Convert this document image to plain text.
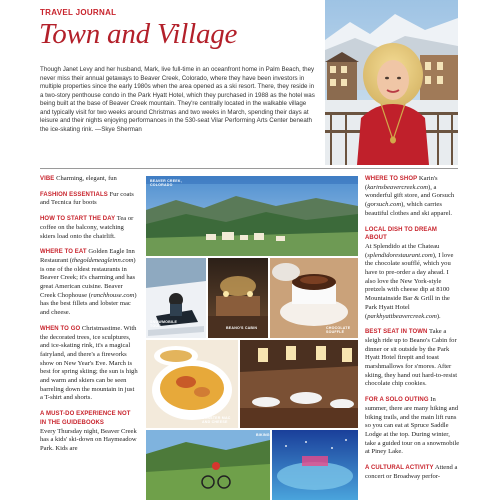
TRAVEL JOURNAL
Town and Village

Though Janet Levy and her husband, Mark, live full-time in an oceanfront home in Palm Beach, they never miss their annual getaways to Beaver Creek, Colorado, where they have been investors in multiple properties since the early 1980s when the area opened as a ski resort. There, they reside in a two-story penthouse condo in the Park Hyatt Hotel, which they purchased in 1988 as the hotel was being built at the base of Beaver Creek mountain. They're centrally located in the walkable village and typically visit for two weeks around Christmas and two weeks in March, spending their days at leisure and their nights enjoying performances in the 530-seat Vilar Performing Arts Center beneath the ice-skating rink. —Skye Sherman

PHOTO CREDITS

VIBE Charming, elegant, fun

FASHION ESSENTIALS Fur coats and Tecnica fur boots

HOW TO START THE DAY Tea or coffee on the balcony, watching skiers load onto the chairlift.

WHERE TO EAT Golden Eagle Inn Restaurant (thegoldeneagleinn.com) is one of the oldest restaurants in Beaver Creek; it's charming and has great American cuisine. Beaver Creek Chophouse (ranchhouse.com) has the best fillets and lobster mac and cheese.

WHEN TO GO Christmastime. With the decorated trees, ice sculptures, and ice-skating rink, it's a magical fairyland, and there's a fireworks show on New Year's Eve. March is best for spring skiing; the sun is high and warm and skiers can be seen barreling down the mountain in just a T-shirt and shorts.

A MUST-DO EXPERIENCE NOT IN THE GUIDEBOOKS
Every Thursday night, Beaver Creek has a kids' ski-down on Haymeadow Park. Kids are

BEAVER CREEK,
COLORADO
SNOWMOBILE
TOUR	BEANO'S CABIN	CHOCOLATE
SOUFFLÉ
LOBSTER MAC
AND CHEESE
BIKING

WHERE TO SHOP Karin's (karinsbeavercreek.com), a wonderful gift store, and Gorsuch (gorsuch.com), which carries beautiful clothes and ski apparel.

LOCAL DISH TO DREAM ABOUT
At Splendido at the Chateau (splendidorestaurant.com), I love the chocolate soufflé, which you have to pre-order a day ahead. I also love the New York-style pretzels with cheese dip at 8100 Mountainside Bar & Grill in the Park Hyatt Hotel (parkhyattbeavercreek.com).

BEST SEAT IN TOWN Take a sleigh ride up to Beano's Cabin for dinner or sit outside by the Park Hyatt Hotel firepit and toast marshmallows for s'mores. After skiing, they hand out hard-to-resist chocolate chip cookies.

FOR A SOLO OUTING In summer, there are many hiking and biking trails, and the main lift runs so you can eat at Spruce Saddle Lodge at the top. During winter, take a guided tour on a snowmobile at Piney Lake.

A CULTURAL ACTIVITY Attend a concert or Broadway perfor-
